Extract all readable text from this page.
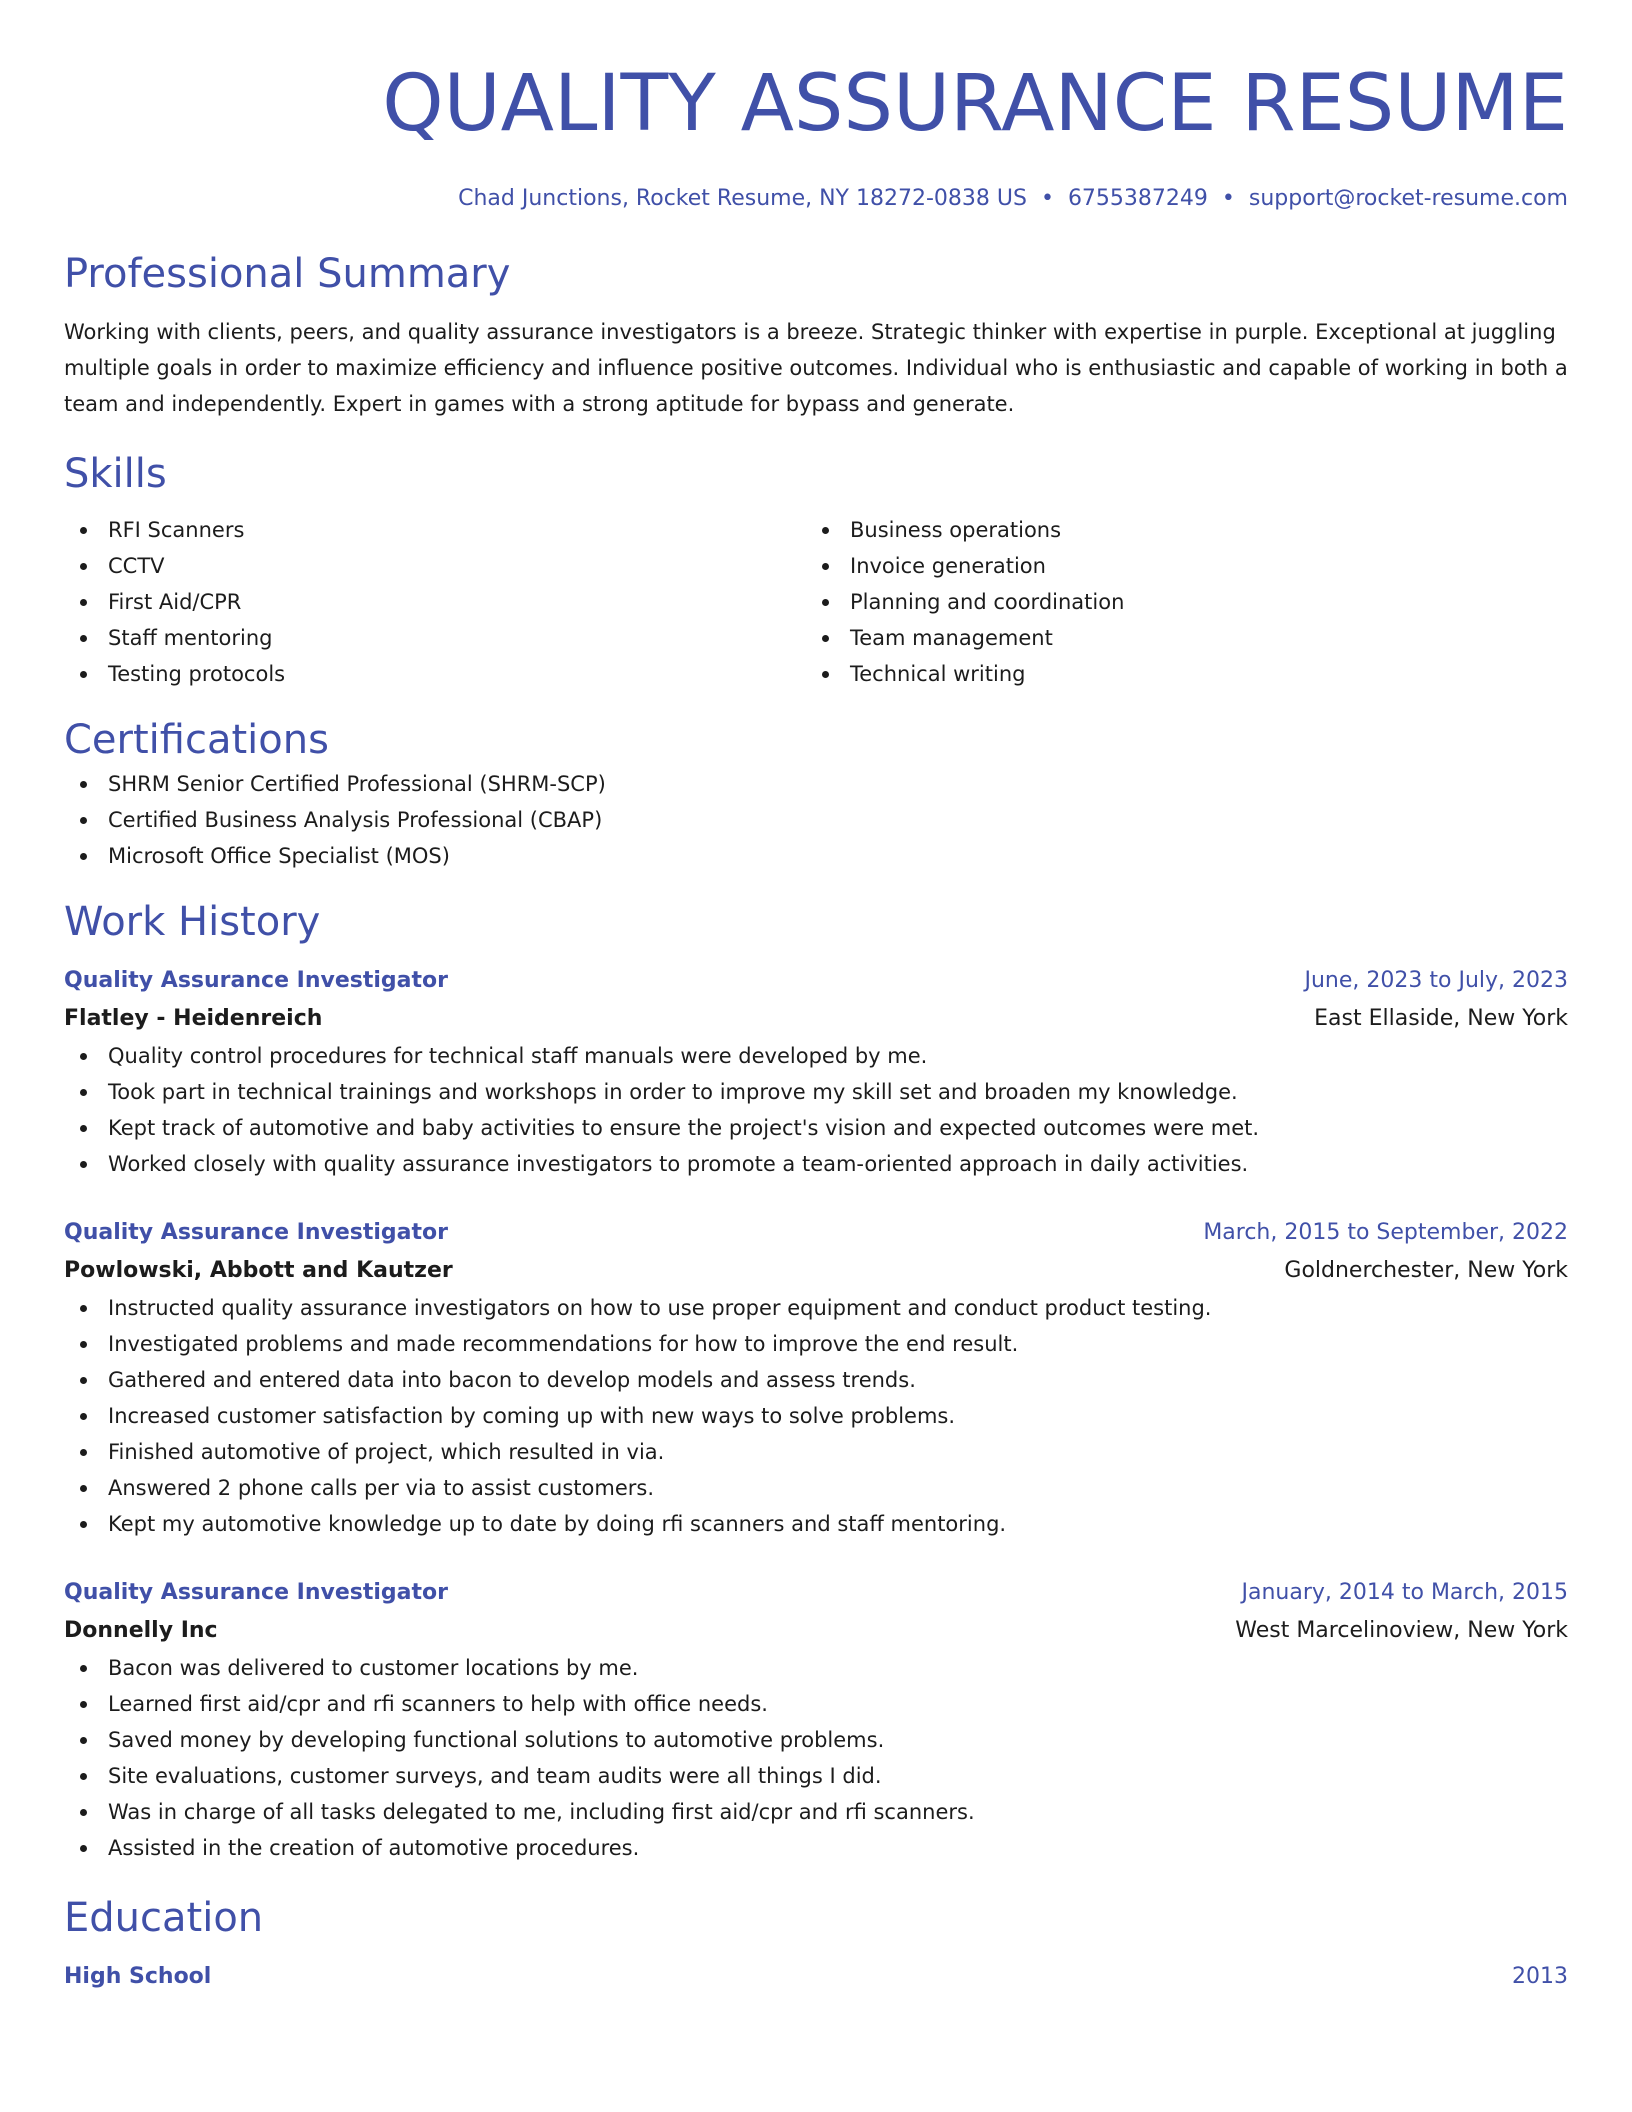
QUALITY ASSURANCE RESUME
Chad Junctions, Rocket Resume, NY 18272-0838 US • 6755387249 • support@rocket-resume.com
Professional Summary
Working with clients, peers, and quality assurance investigators is a breeze. Strategic thinker with expertise in purple. Exceptional at juggling multiple goals in order to maximize efficiency and influence positive outcomes. Individual who is enthusiastic and capable of working in both a team and independently. Expert in games with a strong aptitude for bypass and generate.
Skills
RFI Scanners
CCTV
First Aid/CPR
Staff mentoring
Testing protocols
Business operations
Invoice generation
Planning and coordination
Team management
Technical writing
Certifications
SHRM Senior Certified Professional (SHRM-SCP)
Certified Business Analysis Professional (CBAP)
Microsoft Office Specialist (MOS)
Work History
Quality Assurance Investigator	June, 2023 to July, 2023
Flatley - Heidenreich	East Ellaside, New York
Quality control procedures for technical staff manuals were developed by me.
Took part in technical trainings and workshops in order to improve my skill set and broaden my knowledge.
Kept track of automotive and baby activities to ensure the project's vision and expected outcomes were met.
Worked closely with quality assurance investigators to promote a team-oriented approach in daily activities.
Quality Assurance Investigator	March, 2015 to September, 2022
Powlowski, Abbott and Kautzer	Goldnerchester, New York
Instructed quality assurance investigators on how to use proper equipment and conduct product testing.
Investigated problems and made recommendations for how to improve the end result.
Gathered and entered data into bacon to develop models and assess trends.
Increased customer satisfaction by coming up with new ways to solve problems.
Finished automotive of project, which resulted in via.
Answered 2 phone calls per via to assist customers.
Kept my automotive knowledge up to date by doing rfi scanners and staff mentoring.
Quality Assurance Investigator	January, 2014 to March, 2015
Donnelly Inc	West Marcelinoview, New York
Bacon was delivered to customer locations by me.
Learned first aid/cpr and rfi scanners to help with office needs.
Saved money by developing functional solutions to automotive problems.
Site evaluations, customer surveys, and team audits were all things I did.
Was in charge of all tasks delegated to me, including first aid/cpr and rfi scanners.
Assisted in the creation of automotive procedures.
Education
High School	2013
